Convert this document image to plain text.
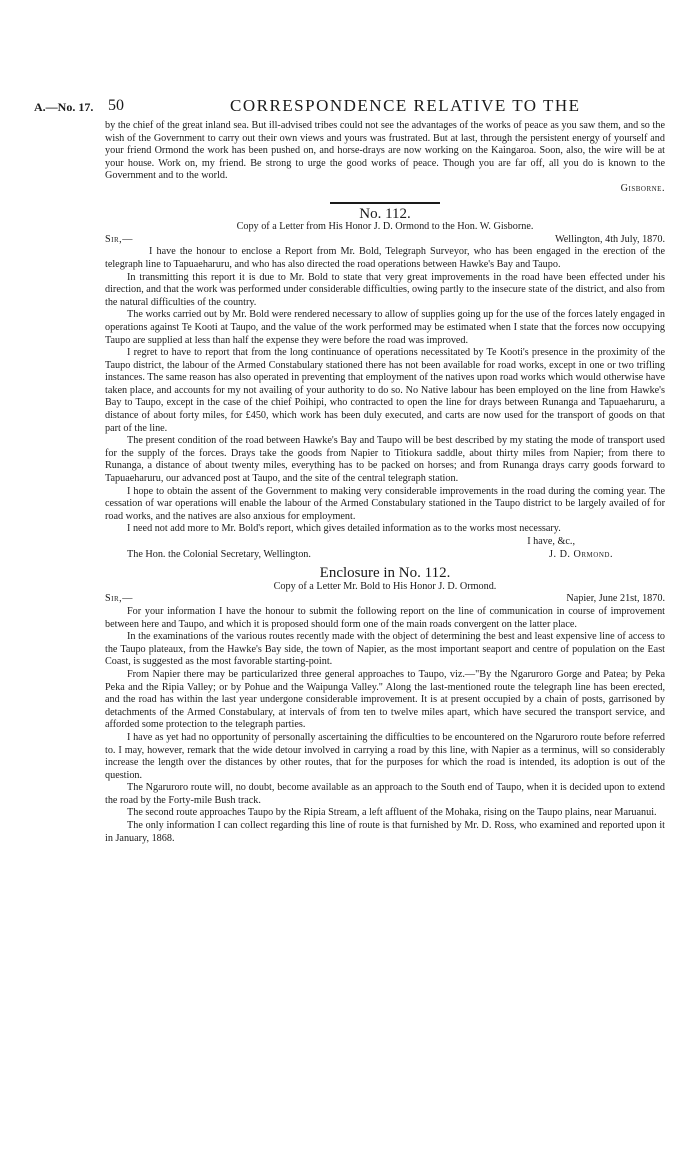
A.—No. 17. 50	CORRESPONDENCE RELATIVE TO THE

by the chief of the great inland sea. But ill-advised tribes could not see the advantages of the works of peace as you saw them, and so the wish of the Government to carry out their own views and yours was frustrated. But at last, through the persistent energy of yourself and your friend Ormond the work has been pushed on, and horse-drays are now working on the Kaingaroa. Soon, also, the wire will be at your house. Work on, my friend. Be strong to urge the good works of peace. Though you are far off, all you do is known to the Government and to the world.

Gisborne.

No. 112.

Copy of a Letter from His Honor J. D. Ormond to the Hon. W. Gisborne.

Sir,—	Wellington, 4th July, 1870.

I have the honour to enclose a Report from Mr. Bold, Telegraph Surveyor, who has been engaged in the erection of the telegraph line to Tapuaeharuru, and who has also directed the road operations between Hawke's Bay and Taupo.

In transmitting this report it is due to Mr. Bold to state that very great improvements in the road have been effected under his direction, and that the work was performed under considerable difficulties, owing partly to the insecure state of the district, and also from the natural difficulties of the country.

The works carried out by Mr. Bold were rendered necessary to allow of supplies going up for the use of the forces lately engaged in operations against Te Kooti at Taupo, and the value of the work performed may be estimated when I state that the forces now occupying Taupo are supplied at less than half the expense they were before the road was improved.

I regret to have to report that from the long continuance of operations necessitated by Te Kooti's presence in the proximity of the Taupo district, the labour of the Armed Constabulary stationed there has not been available for road works, except in one or two trifling instances. The same reason has also operated in preventing that employment of the natives upon road works which would otherwise have taken place, and accounts for my not availing of your authority to do so. No Native labour has been employed on the line from Hawke's Bay to Taupo, except in the case of the chief Poihipi, who contracted to open the line for drays between Runanga and Tapuaeharuru, a distance of about forty miles, for £450, which work has been duly executed, and carts are now used for the transport of goods on that part of the line.

The present condition of the road between Hawke's Bay and Taupo will be best described by my stating the mode of transport used for the supply of the forces. Drays take the goods from Napier to Titiokura saddle, about thirty miles from Napier; from there to Runanga, a distance of about twenty miles, everything has to be packed on horses; and from Runanga drays carry goods forward to Tapuaeharuru, our advanced post at Taupo, and the site of the central telegraph station.

I hope to obtain the assent of the Government to making very considerable improvements in the road during the coming year. The cessation of war operations will enable the labour of the Armed Constabulary stationed in the Taupo district to be largely availed of for road works, and the natives are also anxious for employment.

I need not add more to Mr. Bold's report, which gives detailed information as to the works most necessary.

I have, &c.,

The Hon. the Colonial Secretary, Wellington.	J. D. Ormond.
Enclosure in No. 112.

Copy of a Letter Mr. Bold to His Honor J. D. Ormond.

Sir,—	Napier, June 21st, 1870.

For your information I have the honour to submit the following report on the line of communication in course of improvement between here and Taupo, and which it is proposed should form one of the main roads convergent on the latter place.

In the examinations of the various routes recently made with the object of determining the best and least expensive line of access to the Taupo plateaux, from the Hawke's Bay side, the town of Napier, as the most important seaport and centre of population on the East Coast, is suggested as the most favorable starting-point.

From Napier there may be particularized three general approaches to Taupo, viz.—"By the Ngaruroro Gorge and Patea; by Peka Peka and the Ripia Valley; or by Pohue and the Waipunga Valley." Along the last-mentioned route the telegraph line has been erected, and the road has within the last year undergone considerable improvement. It is at present occupied by a chain of posts, garrisoned by detachments of the Armed Constabulary, at intervals of from ten to twelve miles apart, which have secured the transport service, and afforded some protection to the telegraph parties.

I have as yet had no opportunity of personally ascertaining the difficulties to be encountered on the Ngaruroro route before referred to. I may, however, remark that the wide detour involved in carrying a road by this line, with Napier as a terminus, will so considerably increase the length over the distances by other routes, that for the purposes for which the road is intended, its adoption is out of the question.

The Ngaruroro route will, no doubt, become available as an approach to the South end of Taupo, when it is decided upon to extend the road by the Forty-mile Bush track.

The second route approaches Taupo by the Ripia Stream, a left affluent of the Mohaka, rising on the Taupo plains, near Maruanui.

The only information I can collect regarding this line of route is that furnished by Mr. D. Ross, who examined and reported upon it in January, 1868.
